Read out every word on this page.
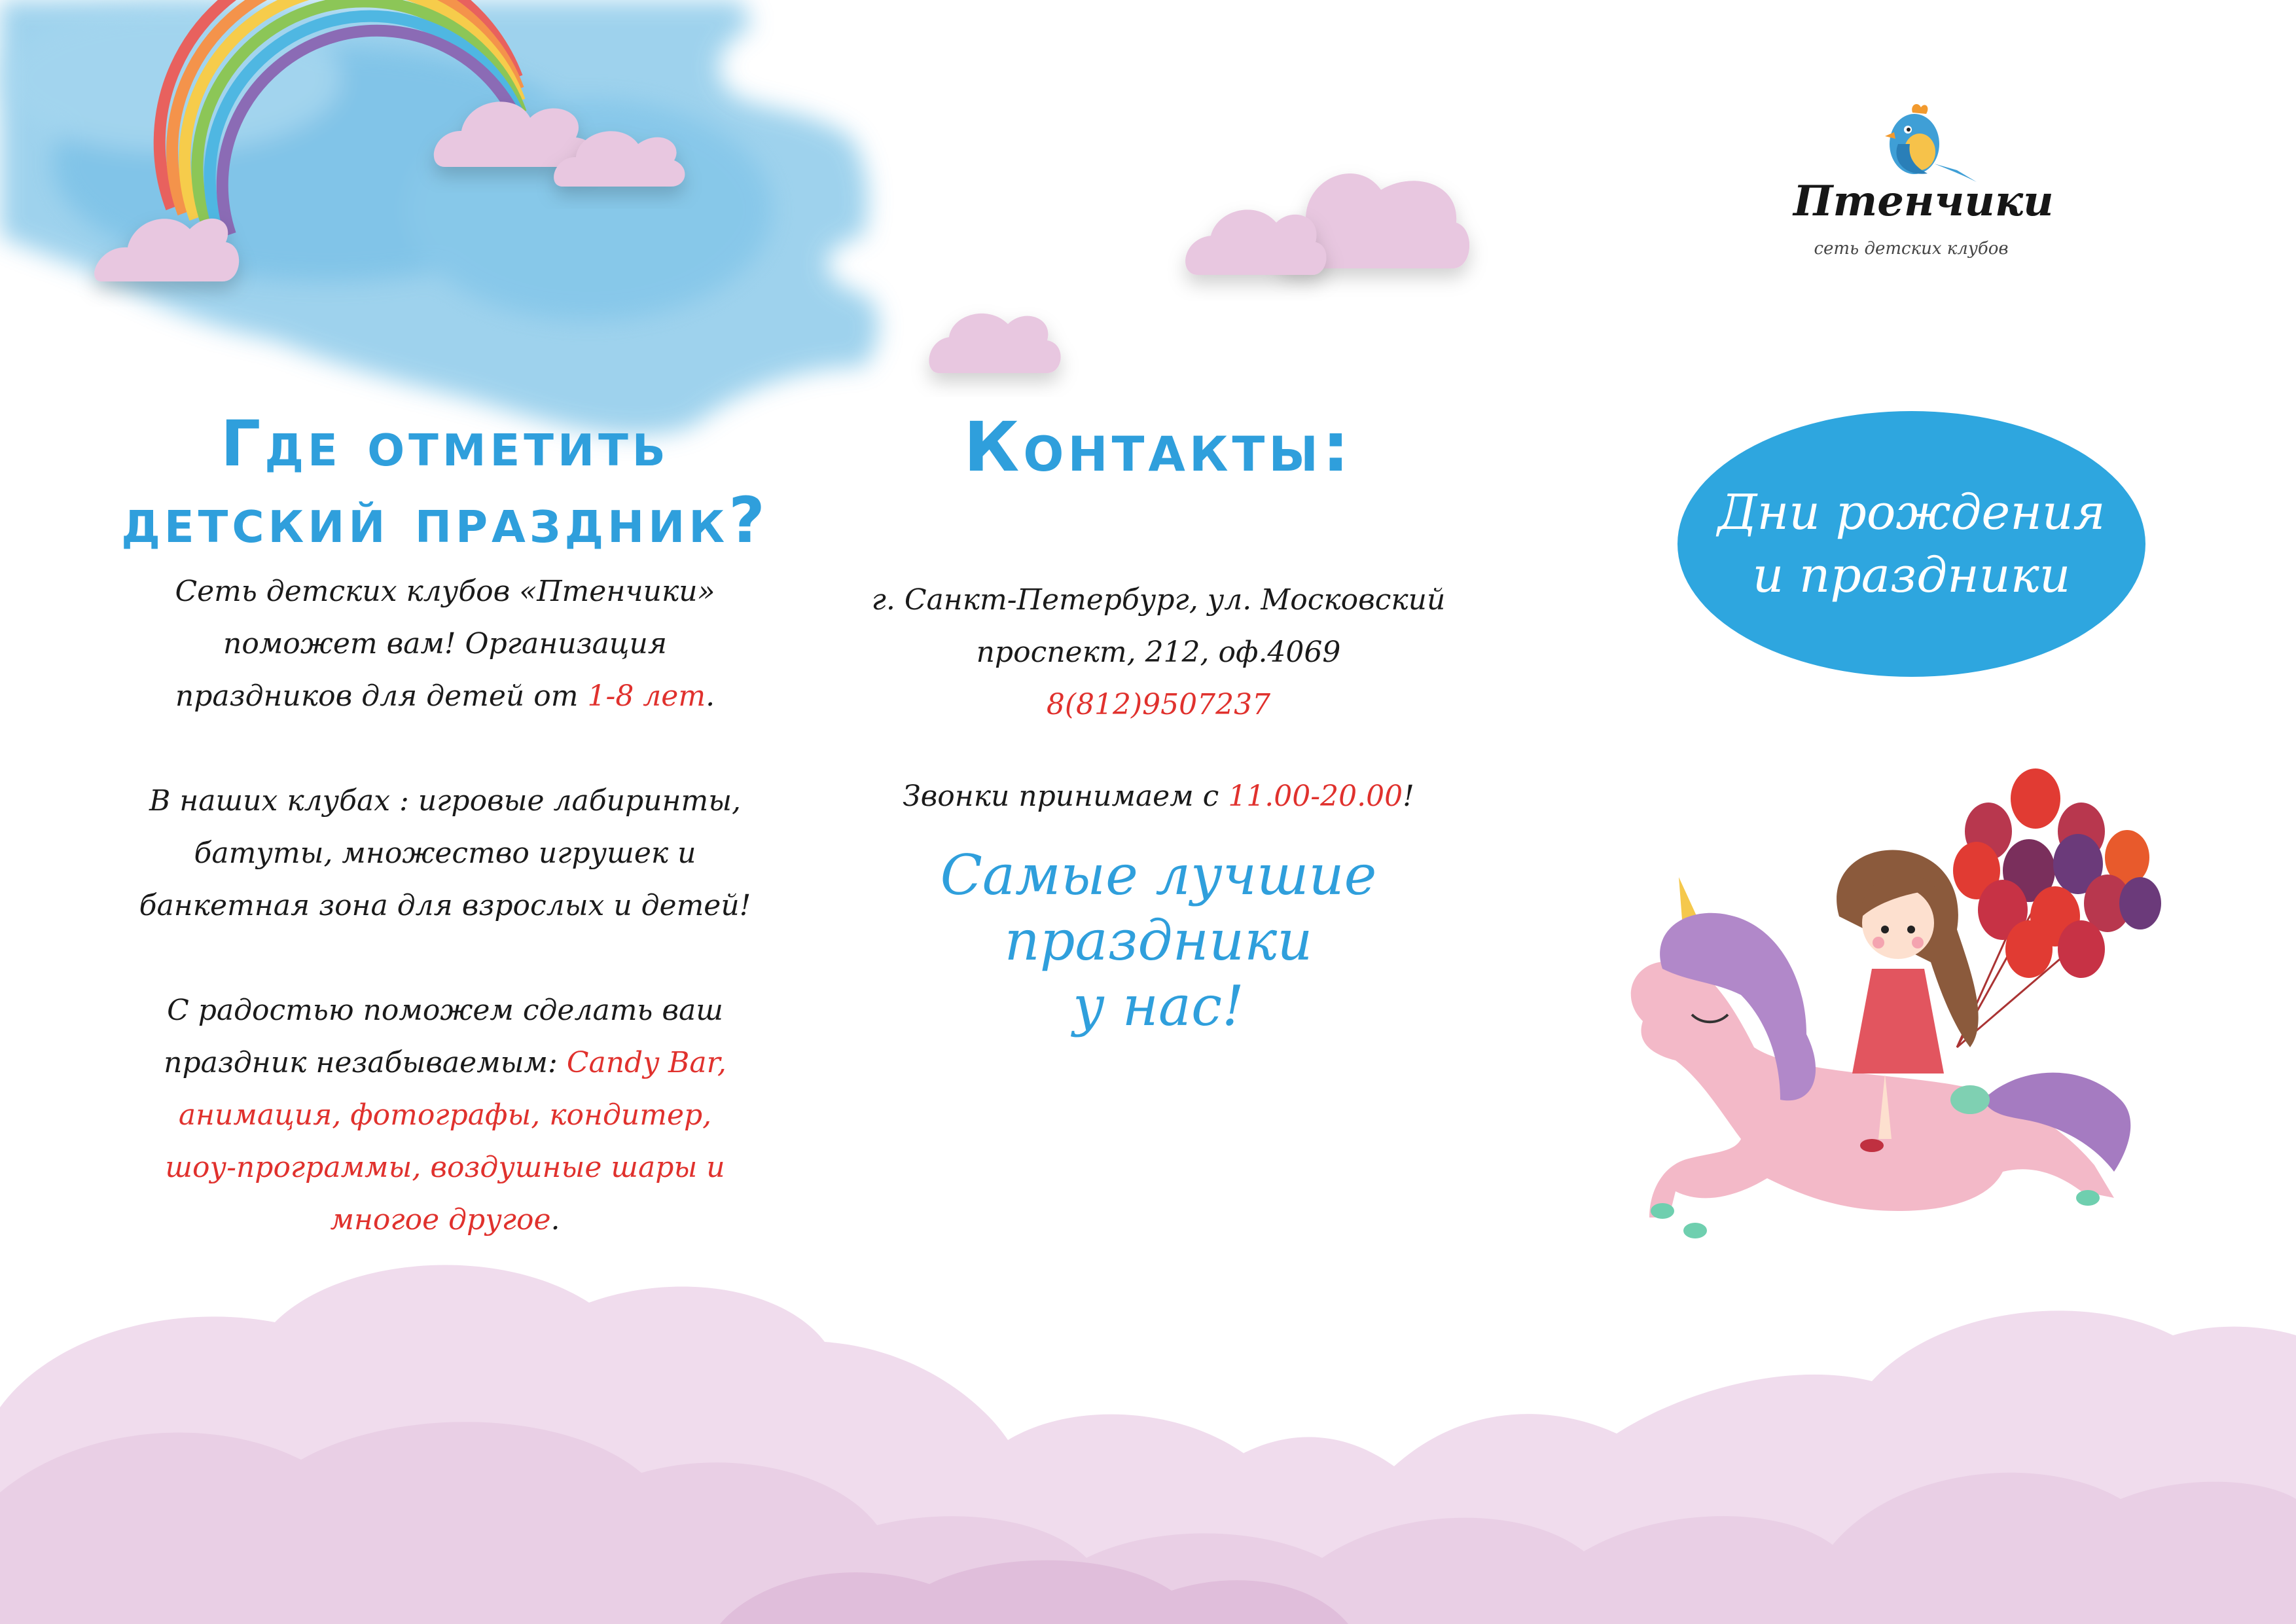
Птенчики
сеть детских клубов
Где отметить
детский праздник?
Сеть детских клубов «Птенчики»
поможет вам! Организация
праздников для детей от 1-8 лет.
В наших клубах : игровые лабиринты,
батуты, множество игрушек и
банкетная зона для взрослых и детей!
С радостью поможем сделать ваш
праздник незабываемым: Candy Bar,
анимация, фотографы, кондитер,
шоу-программы, воздушные шары и
многое другое.
Контакты:
г. Санкт-Петербург, ул. Московский
проспект, 212, оф.4069
8(812)9507237
Звонки принимаем с 11.00-20.00!
Самые лучшие праздники
у нас!
Дни рождения
и праздники
